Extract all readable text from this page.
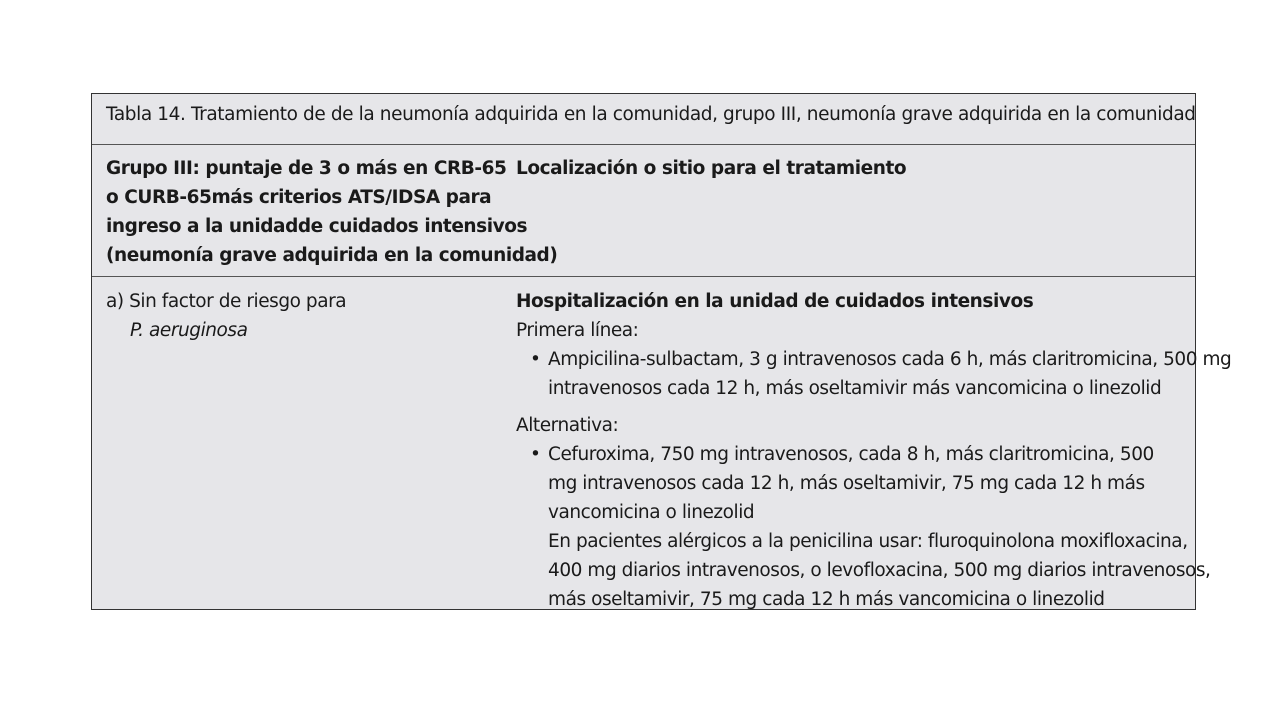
Tabla 14. Tratamiento de de la neumonía adquirida en la comunidad, grupo III, neumonía grave adquirida en la comunidad
Grupo III: puntaje de 3 o más en CRB-65
o CURB-65más criterios ATS/IDSA para
ingreso a la unidadde cuidados intensivos
(neumonía grave adquirida en la comunidad)
Localización o sitio para el tratamiento
a) Sin factor de riesgo para
P. aeruginosa
Hospitalización en la unidad de cuidados intensivos
Primera línea:
• Ampicilina-sulbactam, 3 g intravenosos cada 6 h, más claritromicina, 500 mg
intravenosos cada 12 h, más oseltamivir más vancomicina o linezolid
Alternativa:
• Cefuroxima, 750 mg intravenosos, cada 8 h, más claritromicina, 500
mg intravenosos cada 12 h, más oseltamivir, 75 mg cada 12 h más
vancomicina o linezolid
En pacientes alérgicos a la penicilina usar: fluroquinolona moxifloxacina,
400 mg diarios intravenosos, o levofloxacina, 500 mg diarios intravenosos,
más oseltamivir, 75 mg cada 12 h más vancomicina o linezolid
